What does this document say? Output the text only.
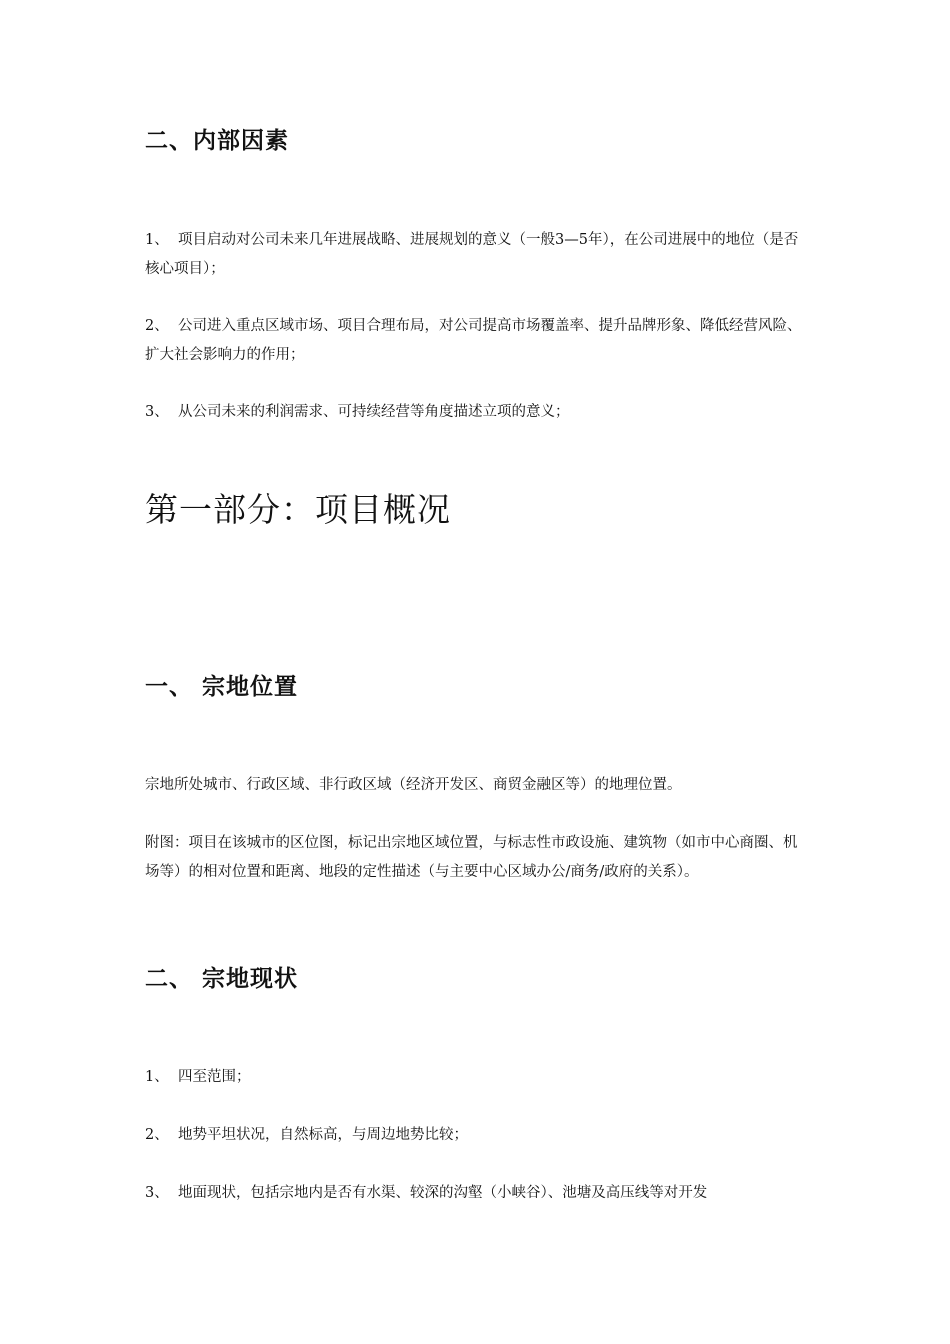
二、内部因素

1、 项目启动对公司未来几年进展战略、进展规划的意义（一般3—5年），在公司进展中的地位（是否核心项目）；

2、 公司进入重点区域市场、项目合理布局，对公司提高市场覆盖率、提升品牌形象、降低经营风险、扩大社会影响力的作用；

3、 从公司未来的利润需求、可持续经营等角度描述立项的意义；

第一部分：项目概况
一、 宗地位置

宗地所处城市、行政区域、非行政区域（经济开发区、商贸金融区等）的地理位置。

附图：项目在该城市的区位图，标记出宗地区域位置，与标志性市政设施、建筑物（如市中心商圈、机场等）的相对位置和距离、地段的定性描述（与主要中心区域办公/商务/政府的关系）。

二、 宗地现状

1、 四至范围；

2、 地势平坦状况，自然标高，与周边地势比较；

3、 地面现状，包括宗地内是否有水渠、较深的沟壑（小峡谷）、池塘及高压线等对开发
